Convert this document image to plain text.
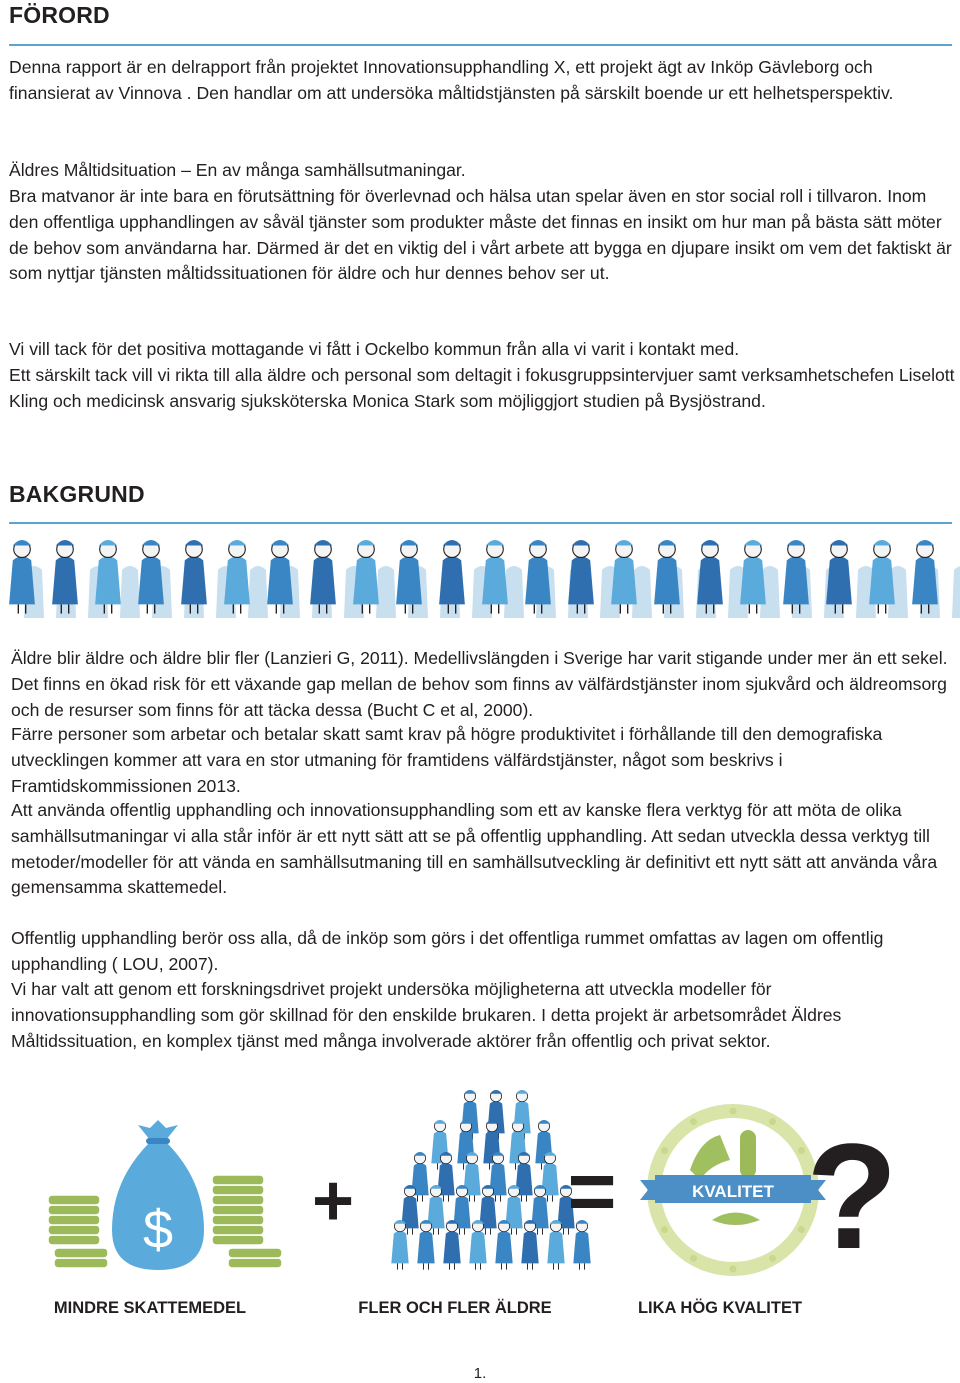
FÖRORD

Denna rapport är en delrapport från projektet Innovationsupphandling X, ett projekt ägt av Inköp Gävleborg och finansierat av Vinnova . Den handlar om att undersöka måltidstjänsten på särskilt boende ur ett helhetsperspektiv.

Äldres Måltidsituation – En av många samhällsutmaningar.

Bra matvanor är inte bara en förutsättning för överlevnad och hälsa utan spelar även en stor social roll i tillvaron. Inom den offentliga upphandlingen av såväl tjänster som produkter måste det finnas en insikt om hur man på bästa sätt möter de behov som användarna har. Därmed är det en viktig del i vårt arbete att bygga en djupare insikt om vem det faktiskt är som nyttjar tjänsten måltidssituationen för äldre och hur dennes behov ser ut.

Vi vill tack för det positiva mottagande vi fått i Ockelbo kommun från alla vi varit i kontakt med.

Ett särskilt tack vill vi rikta till alla äldre och personal som deltagit i fokusgruppsintervjuer samt verksamhetschefen Liselott Kling och medicinsk ansvarig sjuksköterska Monica Stark som möjliggjort studien på Bysjöstrand.

BAKGRUND

Äldre blir äldre och äldre blir fler (Lanzieri G, 2011). Medellivslängden i Sverige har varit stigande under mer än ett sekel. Det finns en ökad risk för ett växande gap mellan de behov som finns av välfärdstjänster inom sjukvård och äldreomsorg och de resurser som finns för att täcka dessa (Bucht C et al, 2000).

Färre personer som arbetar och betalar skatt samt krav på högre produktivitet i förhållande till den demografiska utvecklingen kommer att vara en stor utmaning för framtidens välfärdstjänster, något som beskrivs i Framtidskommissionen 2013.

Att använda offentlig upphandling och innovationsupphandling som ett av kanske flera verktyg för att möta de olika samhällsutmaningar vi alla står inför är ett nytt sätt att se på offentlig upphandling. Att sedan utveckla dessa verktyg till metoder/modeller för att vända en samhällsutmaning till en samhällsutveckling är definitivt ett nytt sätt att använda våra gemensamma skattemedel.

Offentlig upphandling berör oss alla, då de inköp som görs i det offentliga rummet omfattas av lagen om offentlig upphandling ( LOU, 2007).

Vi har valt att genom ett forskningsdrivet projekt undersöka möjligheterna att utveckla modeller för innovationsupphandling som gör skillnad för den enskilde brukaren. I detta projekt är arbetsområdet Äldres Måltidssituation, en komplex tjänst med många involverade aktörer från offentlig och privat sektor.

$ +	=	KVALITET ?
MINDRE SKATTEMEDEL	FLER OCH FLER ÄLDRE	LIKA HÖG KVALITET
1.
